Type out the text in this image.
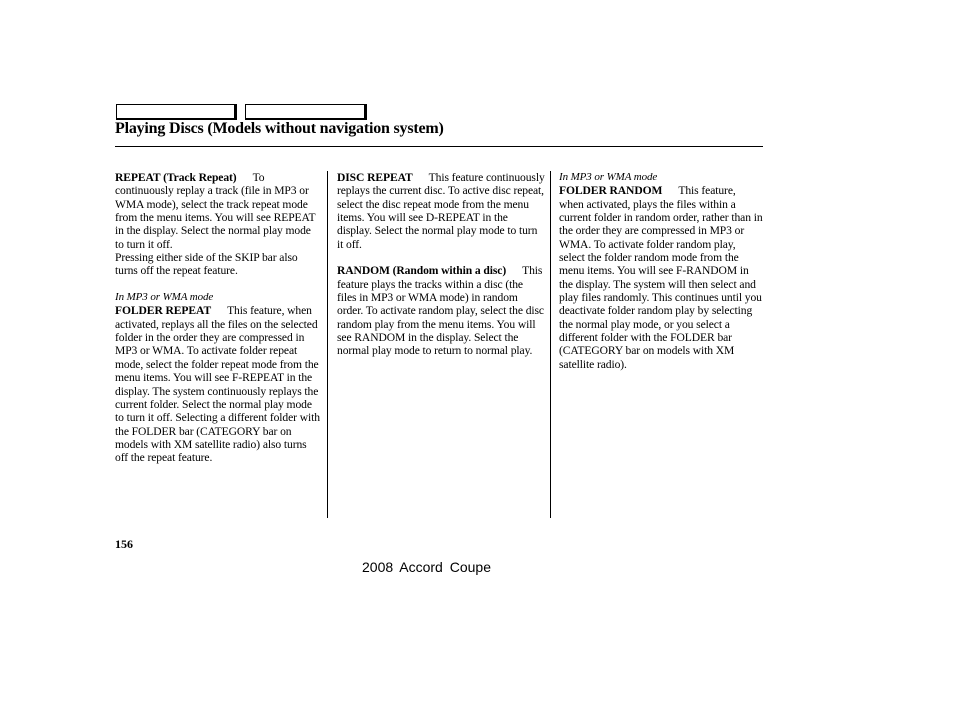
Playing Discs (Models without navigation system)

REPEAT (Track Repeat) To continuously replay a track (file in MP3 or WMA mode), select the track repeat mode from the menu items. You will see REPEAT in the display. Select the normal play mode to turn it off.

Pressing either side of the SKIP bar also turns off the repeat feature.

In MP3 or WMA mode

FOLDER REPEAT This feature, when activated, replays all the files on the selected folder in the order they are compressed in MP3 or WMA. To activate folder repeat mode, select the folder repeat mode from the menu items. You will see F-REPEAT in the display. The system continuously replays the current folder. Select the normal play mode to turn it off. Selecting a different folder with the FOLDER bar (CATEGORY bar on models with XM satellite radio) also turns off the repeat feature.

DISC REPEAT This feature continuously replays the current disc. To active disc repeat, select the disc repeat mode from the menu items. You will see D-REPEAT in the display. Select the normal play mode to turn it off.

RANDOM (Random within a disc) This feature plays the tracks within a disc (the files in MP3 or WMA mode) in random order. To activate random play, select the disc random play from the menu items. You will see RANDOM in the display. Select the normal play mode to return to normal play.

In MP3 or WMA mode

FOLDER RANDOM This feature, when activated, plays the files within a current folder in random order, rather than in the order they are compressed in MP3 or WMA. To activate folder random play, select the folder random mode from the menu items. You will see F-RANDOM in the display. The system will then select and play files randomly. This continues until you deactivate folder random play by selecting the normal play mode, or you select a different folder with the FOLDER bar (CATEGORY bar on models with XM satellite radio).

156
2008 Accord Coupe
